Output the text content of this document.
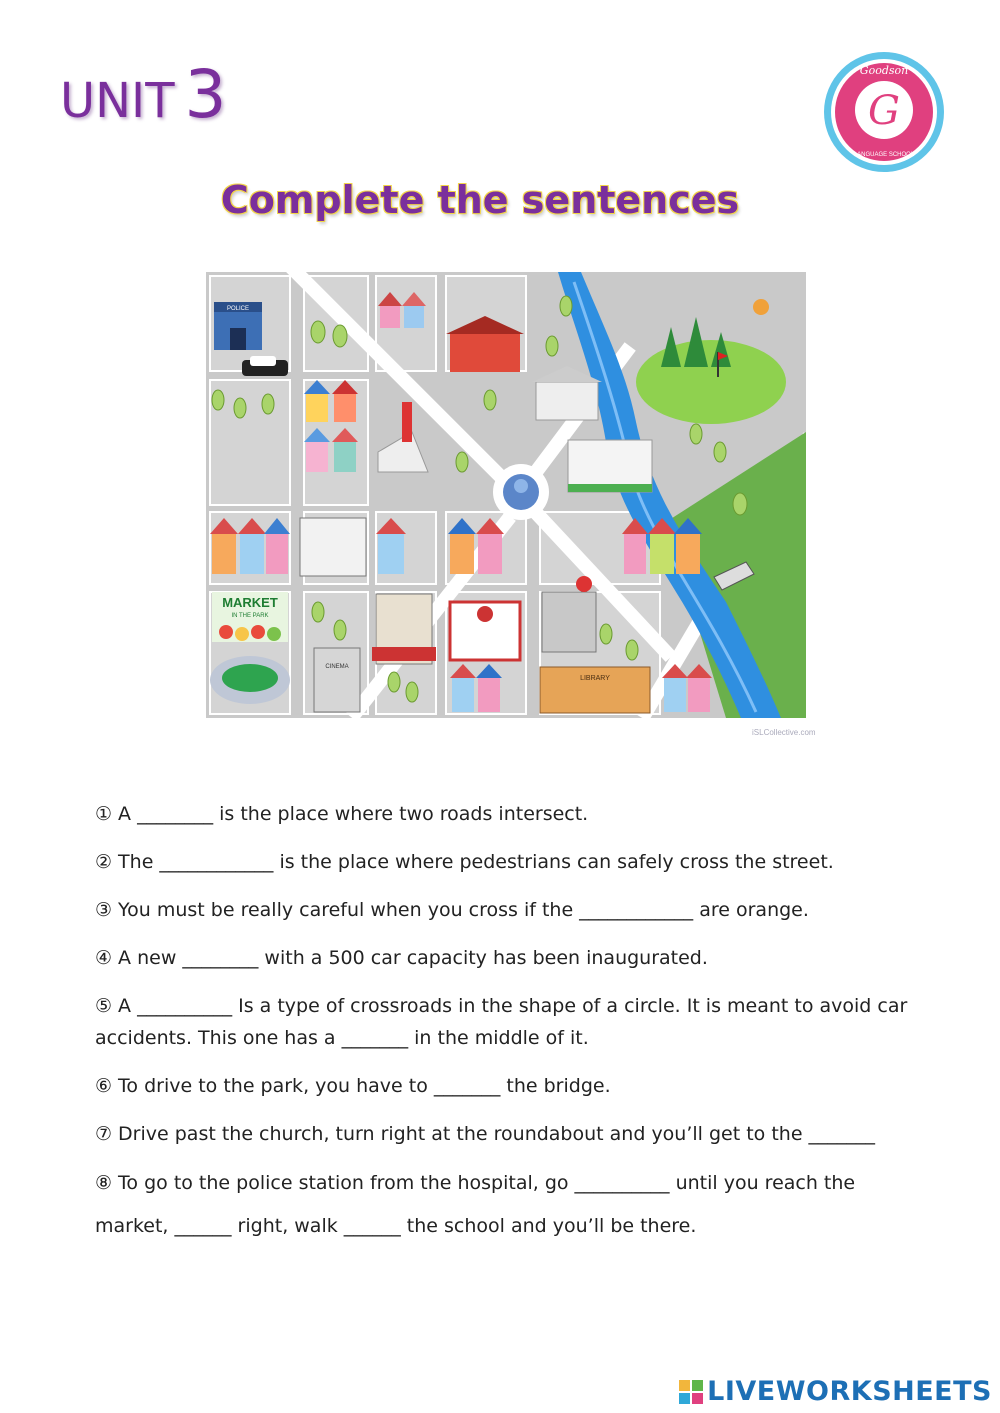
UNIT 3	G
Goodson
LANGUAGE SCHOOL
Complete the sentences
POLICE
MARKET
IN THE PARK
CINEMA
LIBRARY
iSLCollective.com

① A ________ is the place where two roads intersect.

② The ____________ is the place where pedestrians can safely cross the street.

③ You must be really careful when you cross if the ____________ are orange.

④ A new ________ with a 500 car capacity has been inaugurated.

⑤ A __________ Is a type of crossroads in the shape of a circle. It is meant to avoid car accidents. This one has a _______ in the middle of it.

⑥ To drive to the park, you have to _______ the bridge.

⑦ Drive past the church, turn right at the roundabout and you’ll get to the _______

⑧ To go to the police station from the hospital, go __________ until you reach the market, ______ right, walk ______ the school and you’ll be there.

LIVEWORKSHEETS
